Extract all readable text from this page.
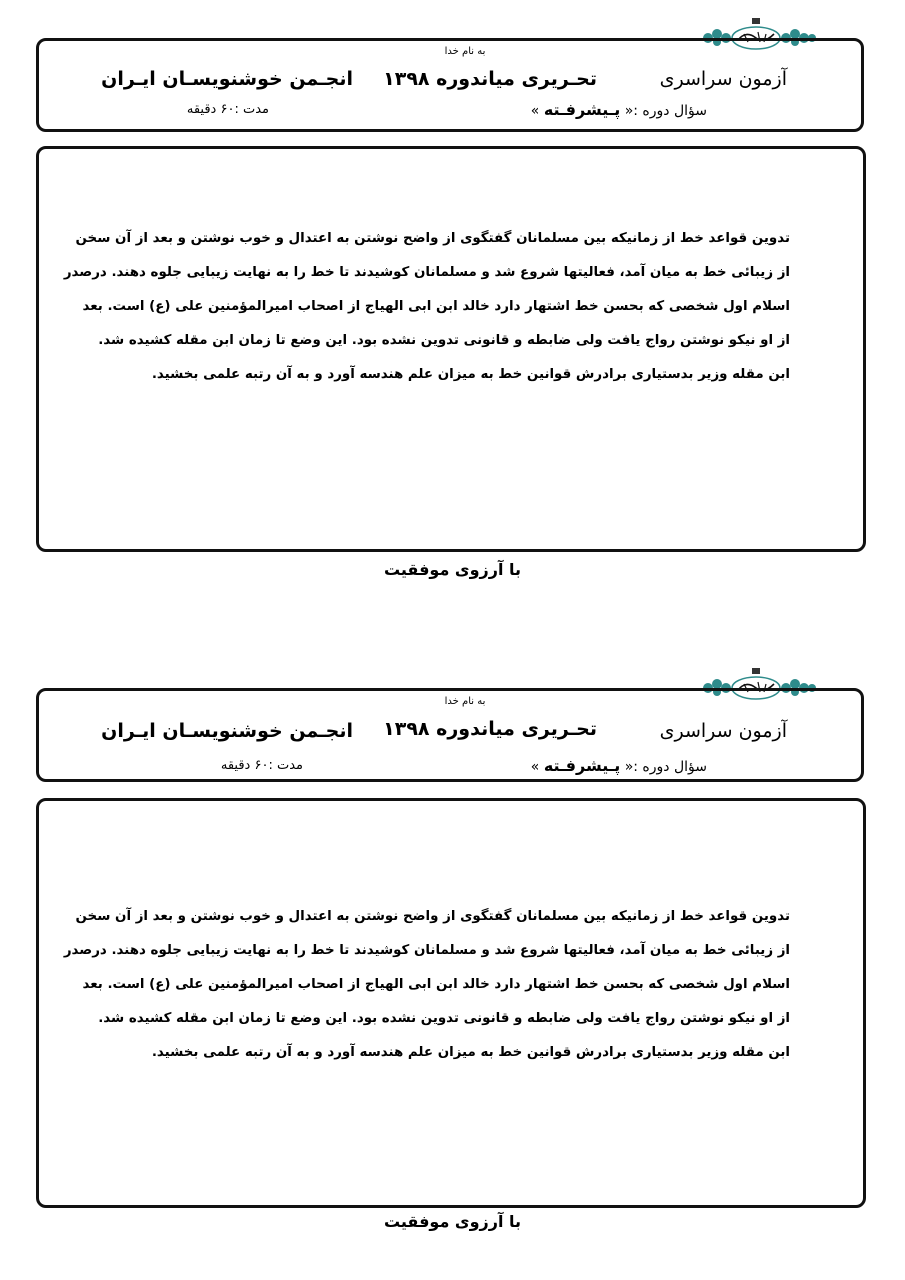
به نام خدا
آزمون سراسری
تحـریری میاندوره ۱۳۹۸
انجـمن خوشنویسـان ایـران
سؤال دوره :« پـیشرفـته »
مدت :۶۰ دقیقه
تدوین قواعد خط از زمانیکه بین مسلمانان گفتگوی از واضح نوشتن به اعتدال و خوب نوشتن و بعد از آن سخن
از زیبائی خط به میان آمد، فعالیتها شروع شد و مسلمانان کوشیدند تا خط را به نهایت زیبایی جلوه دهند. درصدر
اسلام اول شخصی که بحسن خط اشتهار دارد خالد ابن ابی الهیاج از اصحاب امیرالمؤمنین علی (ع) است. بعد
از او نیکو نوشتن رواج یافت ولی ضابطه و قانونی تدوین نشده بود. این وضع تا زمان ابن مقله کشیده شد.
ابن مقله وزیر بدستیاری برادرش قوانین خط به میزان علم هندسه آورد و به آن رتبه علمی بخشید.
با آرزوی موفقیت
به نام خدا
آزمون سراسری
تحـریری میاندوره ۱۳۹۸
انجـمن خوشنویسـان ایـران
سؤال دوره :« پـیشرفـته »
مدت :۶۰ دقیقه
تدوین قواعد خط از زمانیکه بین مسلمانان گفتگوی از واضح نوشتن به اعتدال و خوب نوشتن و بعد از آن سخن
از زیبائی خط به میان آمد، فعالیتها شروع شد و مسلمانان کوشیدند تا خط را به نهایت زیبایی جلوه دهند. درصدر
اسلام اول شخصی که بحسن خط اشتهار دارد خالد ابن ابی الهیاج از اصحاب امیرالمؤمنین علی (ع) است. بعد
از او نیکو نوشتن رواج یافت ولی ضابطه و قانونی تدوین نشده بود. این وضع تا زمان ابن مقله کشیده شد.
ابن مقله وزیر بدستیاری برادرش قوانین خط به میزان علم هندسه آورد و به آن رتبه علمی بخشید.
با آرزوی موفقیت
